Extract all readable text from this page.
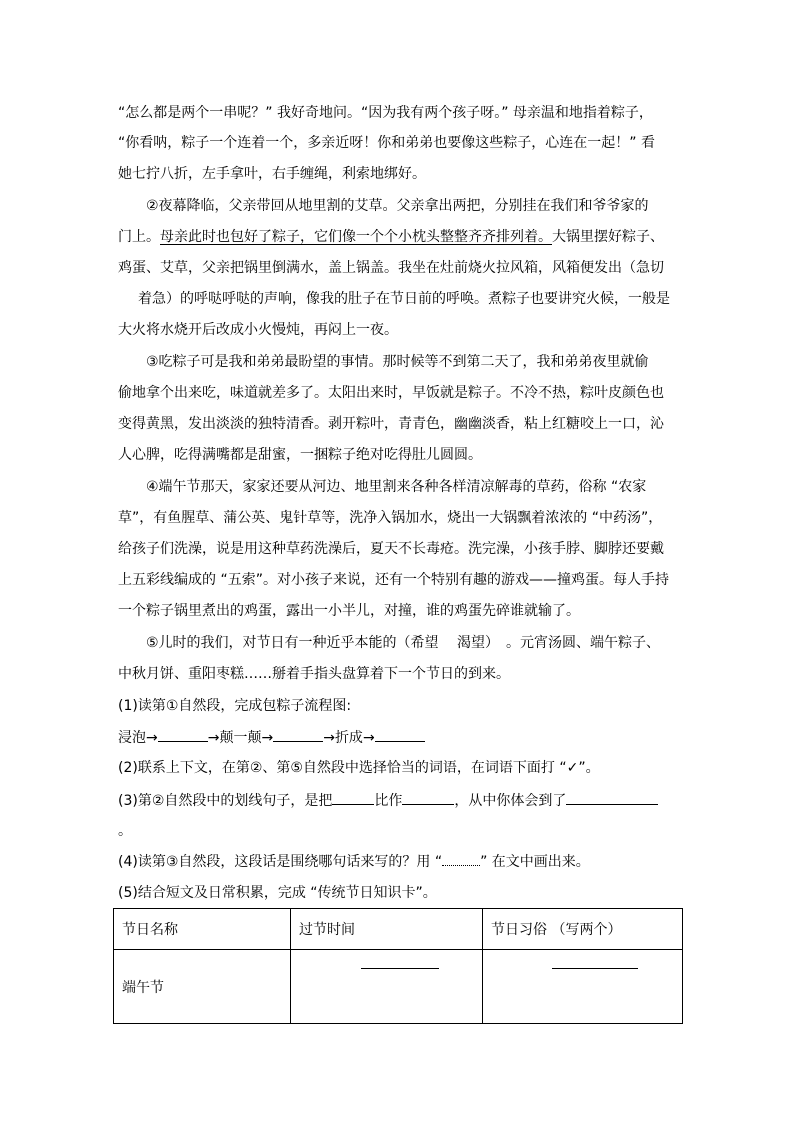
“怎么都是两个一串呢？” 我好奇地问。“因为我有两个孩子呀。” 母亲温和地指着粽子，
“你看呐，粽子一个连着一个，多亲近呀！你和弟弟也要像这些粽子，心连在一起！” 看
她七拧八折，左手拿叶，右手缠绳，利索地绑好。
②夜幕降临，父亲带回从地里割的艾草。父亲拿出两把，分别挂在我们和爷爷家的
门上。母亲此时也包好了粽子，它们像一个个小枕头整整齐齐排列着。大锅里摆好粽子、
鸡蛋、艾草，父亲把锅里倒满水，盖上锅盖。我坐在灶前烧火拉风箱，风箱便发出（急切
着急）的呼哒呼哒的声响，像我的肚子在节日前的呼唤。煮粽子也要讲究火候，一般是
大火将水烧开后改成小火慢炖，再闷上一夜。
③吃粽子可是我和弟弟最盼望的事情。那时候等不到第二天了，我和弟弟夜里就偷
偷地拿个出来吃，味道就差多了。太阳出来时，早饭就是粽子。不冷不热，粽叶皮颜色也
变得黄黑，发出淡淡的独特清香。剥开粽叶，青青色，幽幽淡香，粘上红糖咬上一口，沁
人心脾，吃得满嘴都是甜蜜，一捆粽子绝对吃得肚儿圆圆。
④端午节那天，家家还要从河边、地里割来各种各样清凉解毒的草药，俗称 “农家
草”，有鱼腥草、蒲公英、鬼针草等，洗净入锅加水，烧出一大锅飘着浓浓的 “中药汤”，
给孩子们洗澡，说是用这种草药洗澡后，夏天不长毒疮。洗完澡，小孩手脖、脚脖还要戴
上五彩线编成的 “五索”。对小孩子来说，还有一个特别有趣的游戏——撞鸡蛋。每人手持
一个粽子锅里煮出的鸡蛋，露出一小半儿，对撞，谁的鸡蛋先碎谁就输了。
⑤儿时的我们，对节日有一种近乎本能的（希望　 渴望）　。元宵汤圆、端午粽子、
中秋月饼、重阳枣糕……掰着手指头盘算着下一个节日的到来。
(1)读第①自然段，完成包粽子流程图:
浸泡→	→颠一颠→	→折成→
(2)联系上下文，在第②、第⑤自然段中选择恰当的词语，在词语下面打 “✓”。
(3)第②自然段中的划线句子，是把	比作	，从中你体会到了
。
(4)读第③自然段，这段话是围绕哪句话来写的？用 “	” 在文中画出来。
(5)结合短文及日常积累，完成 “传统节日知识卡”。
节日名称	过节时间	节日习俗 （写两个）
端午节	
